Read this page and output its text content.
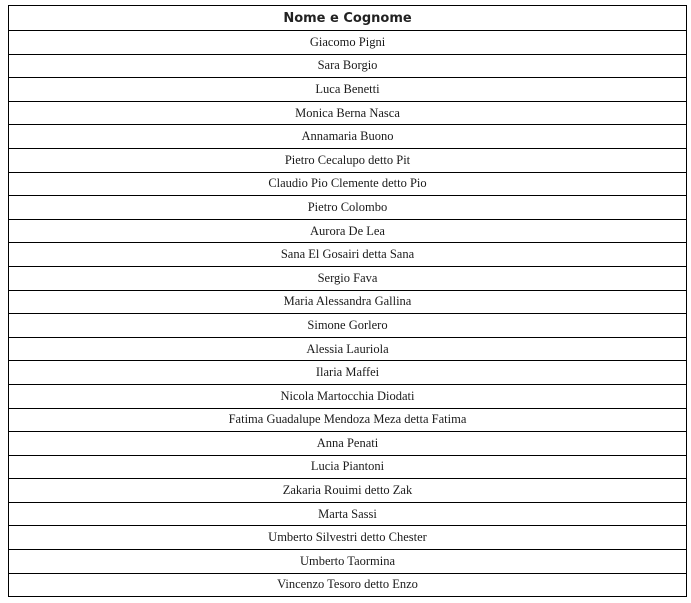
Nome e Cognome
Giacomo Pigni
Sara Borgio
Luca Benetti
Monica Berna Nasca
Annamaria Buono
Pietro Cecalupo detto Pit
Claudio Pio Clemente detto Pio
Pietro Colombo
Aurora De Lea
Sana El Gosairi detta Sana
Sergio Fava
Maria Alessandra Gallina
Simone Gorlero
Alessia Lauriola
Ilaria Maffei
Nicola Martocchia Diodati
Fatima Guadalupe Mendoza Meza detta Fatima
Anna Penati
Lucia Piantoni
Zakaria Rouimi detto Zak
Marta Sassi
Umberto Silvestri detto Chester
Umberto Taormina
Vincenzo Tesoro detto Enzo
